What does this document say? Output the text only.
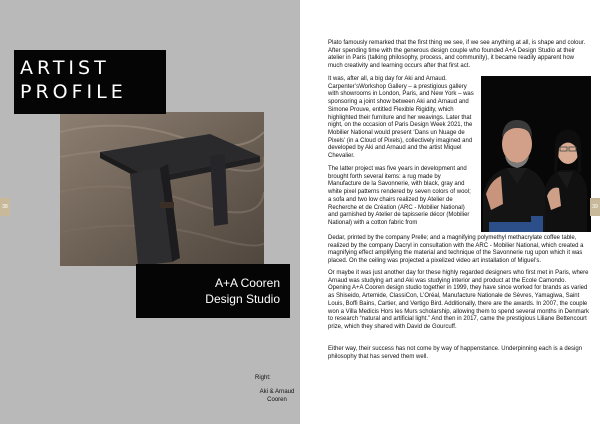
ARTIST
PROFILE
A+A Cooren
Design Studio
38
Right:
Aki & Arnaud Cooren

Plato famously remarked that the first thing we see, if we see anything at all, is shape and colour. After spending time with the generous design couple who founded A+A Design Studio at their atelier in Paris (talking philosophy, process, and community), it became readily apparent how much creativity and learning occurs after that first act.

It was, after all, a big day for Aki and Arnaud. Carpenter’sWorkshop Gallery – a prestigious gallery with showrooms in London, Paris, and New York – was sponsoring a joint show between Aki and Arnaud and Simone Prouve, entitled Flexible Rigidity, which highlighted their furniture and her weavings. Later that night, on the occasion of Paris Design Week 2021, the Mobilier National would present ‘Dans un Nuage de Pixels’ (in a Cloud of Pixels), collectively imagined and developed by Aki and Arnaud and the artist Miquel Chevalier.

The latter project was five years in development and brought forth several items: a rug made by Manufacture de la Savonnerie, with black, gray and white pixel patterns rendered by seven colors of wool; a sofa and two low chairs realized by Atelier de Recherche et de Création (ARC - Mobilier National) and garnished by Atelier de tapisserie décor (Mobilier National) with a cotton fabric from

Dedar, printed by the company Prelle; and a magnifying polymethyl methacrylate coffee table, realized by the company Dacryl in consultation with the ARC - Mobilier National, which created a magnifying effect amplifying the material and technique of the Savonnerie rug upon which it was placed. On the ceiling was projected a pixelized video art installation of Miguel’s.

Or maybe it was just another day for these highly regarded designers who first met in Paris, where Arnaud was studying art and Aki was studying interior and product at the Ecole Camondo. Opening A+A Cooren design studio together in 1999, they have since worked for brands as varied as Shiseido, Artemide, ClassiCon, L’Oréal, Manufacture Nationale de Sèvres, Yamagiwa, Saint Louis, Boffi Bains, Cartier, and Vertigo Bird. Additionally, there are the awards. In 2007, the couple won a Villa Medicis Hors les Murs scholarship, allowing them to spend several months in Denmark to research “natural and artificial light.” And then in 2017, came the prestigious Liliane Bettencourt prize, which they shared with David de Gourcuff.

Either way, their success has not come by way of happenstance. Underpinning each is a design philosophy that has served them well.

39
